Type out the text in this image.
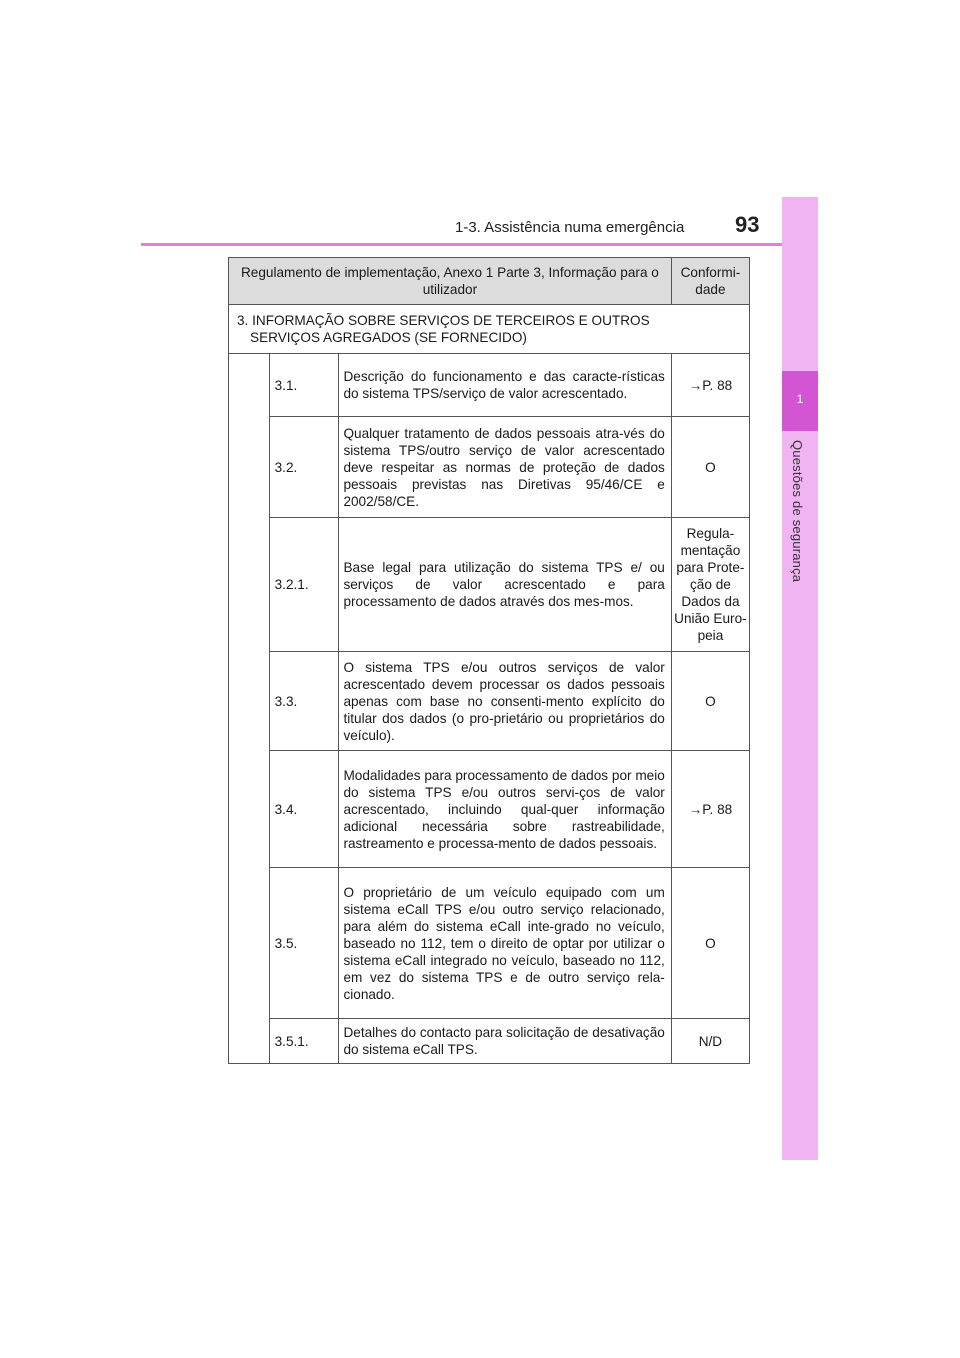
1-3. Assistência numa emergência 93
1
Questões de segurança
Regulamento de implementação, Anexo 1 Parte 3, Informação para o utilizador			Conformi-dade

3. INFORMAÇÃO SOBRE SERVIÇOS DE TERCEIROS E OUTROS
SERVIÇOS AGREGADOS (SE FORNECIDO)			

	3.1.	Descrição do funcionamento e das caracte-rísticas do sistema TPS/serviço de valor acrescentado.	→P. 88
	3.2.	Qualquer tratamento de dados pessoais atra-vés do sistema TPS/outro serviço de valor acrescentado deve respeitar as normas de proteção de dados pessoais previstas nas Diretivas 95/46/CE e 2002/58/CE.	O
	3.2.1.	Base legal para utilização do sistema TPS e/ ou serviços de valor acrescentado e para processamento de dados através dos mes-mos.	Regula-mentação para Prote-ção de Dados da União Euro-peia
	3.3.	O sistema TPS e/ou outros serviços de valor acrescentado devem processar os dados pessoais apenas com base no consenti-mento explícito do titular dos dados (o pro-prietário ou proprietários do veículo).	O
	3.4.	Modalidades para processamento de dados por meio do sistema TPS e/ou outros servi-ços de valor acrescentado, incluindo qual-quer informação adicional necessária sobre rastreabilidade, rastreamento e processa-mento de dados pessoais.	→P. 88
	3.5.	O proprietário de um veículo equipado com um sistema eCall TPS e/ou outro serviço relacionado, para além do sistema eCall inte-grado no veículo, baseado no 112, tem o direito de optar por utilizar o sistema eCall integrado no veículo, baseado no 112, em vez do sistema TPS e de outro serviço rela-cionado.	O
	3.5.1.	Detalhes do contacto para solicitação de desativação do sistema eCall TPS.	N/D
